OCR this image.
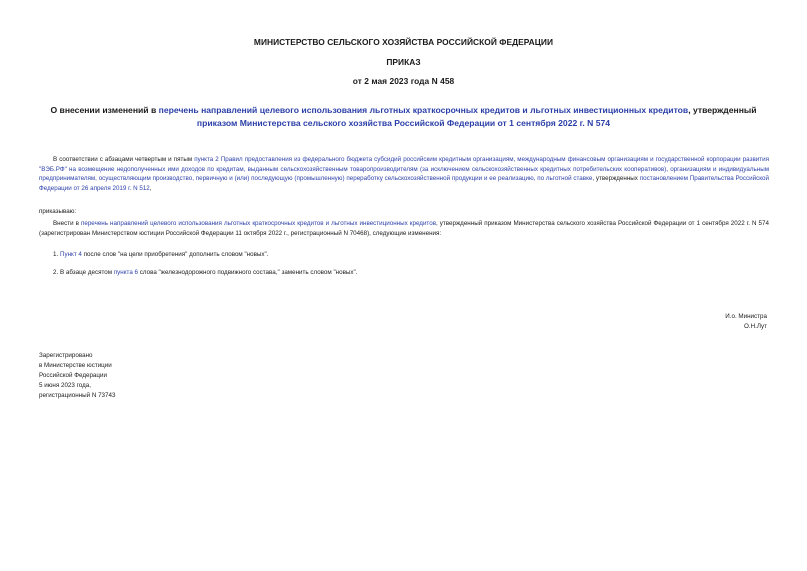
МИНИСТЕРСТВО СЕЛЬСКОГО ХОЗЯЙСТВА РОССИЙСКОЙ ФЕДЕРАЦИИ
ПРИКАЗ
от 2 мая 2023 года N 458
О внесении изменений в перечень направлений целевого использования льготных краткосрочных кредитов и льготных инвестиционных кредитов, утвержденный
приказом Министерства сельского хозяйства Российской Федерации от 1 сентября 2022 г. N 574
В соответствии с абзацами четвертым и пятым пункта 2 Правил предоставления из федерального бюджета субсидий российским кредитным организациям, международным финансовым организациям и государственной корпорации развития "ВЭБ.РФ" на возмещение недополученных ими доходов по кредитам, выданным сельскохозяйственным товаропроизводителям (за исключением сельскохозяйственных кредитных потребительских кооперативов), организациям и индивидуальным предпринимателям, осуществляющим производство, первичную и (или) последующую (промышленную) переработку сельскохозяйственной продукции и ее реализацию, по льготной ставке, утвержденных постановлением Правительства Российской Федерации от 26 апреля 2019 г. N 512,
приказываю:
Внести в перечень направлений целевого использования льготных краткосрочных кредитов и льготных инвестиционных кредитов, утвержденный приказом Министерства сельского хозяйства Российской Федерации от 1 сентября 2022 г. N 574 (зарегистрирован Министерством юстиции Российской Федерации 11 октября 2022 г., регистрационный N 70468), следующие изменения:
1. Пункт 4 после слов "на цели приобретения" дополнить словом "новых".
2. В абзаце десятом пункта 6 слова "железнодорожного подвижного состава," заменить словом "новых".
И.о. Министра
О.Н.Лут
Зарегистрировано
в Министерстве юстиции
Российской Федерации
5 июня 2023 года,
регистрационный N 73743
